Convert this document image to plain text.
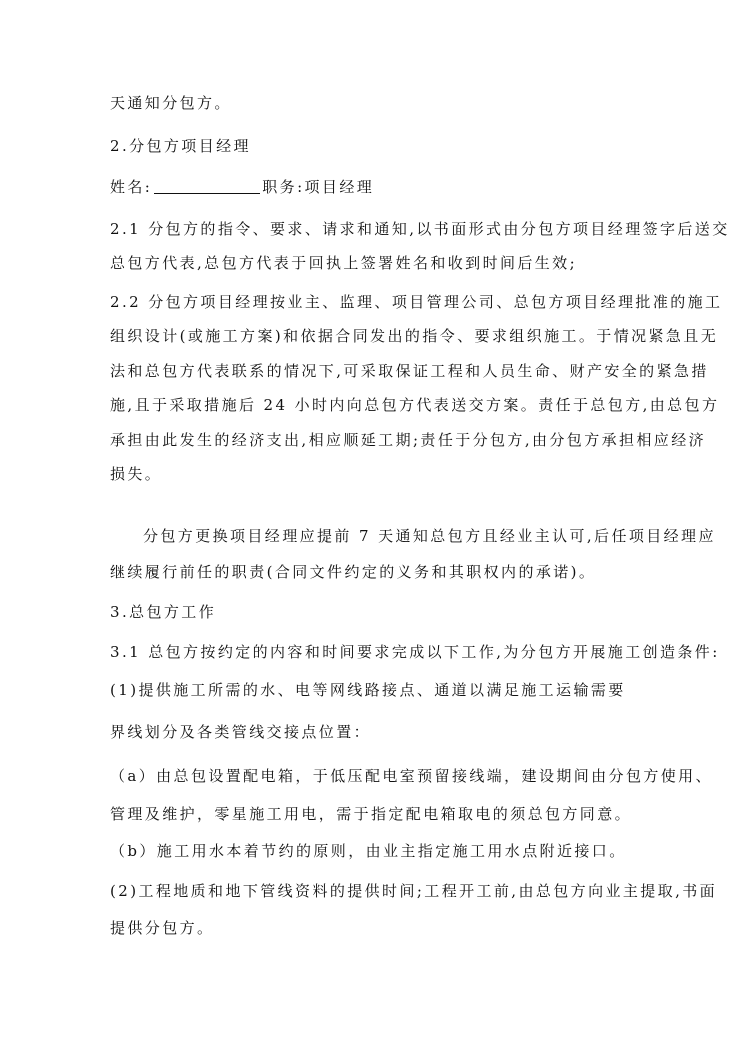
天通知分包方。
2.分包方项目经理
姓名:	职务:项目经理
2.1 分包方的指令、要求、请求和通知,以书面形式由分包方项目经理签字后送交
总包方代表,总包方代表于回执上签署姓名和收到时间后生效;
2.2 分包方项目经理按业主、监理、项目管理公司、总包方项目经理批准的施工
组织设计(或施工方案)和依据合同发出的指令、要求组织施工。于情况紧急且无
法和总包方代表联系的情况下,可采取保证工程和人员生命、财产安全的紧急措
施,且于采取措施后 24 小时内向总包方代表送交方案。责任于总包方,由总包方
承担由此发生的经济支出,相应顺延工期;责任于分包方,由分包方承担相应经济
损失。
分包方更换项目经理应提前 7 天通知总包方且经业主认可,后任项目经理应
继续履行前任的职责(合同文件约定的义务和其职权内的承诺)。
3.总包方工作
3.1 总包方按约定的内容和时间要求完成以下工作,为分包方开展施工创造条件:
(1)提供施工所需的水、电等网线路接点、通道以满足施工运输需要
界线划分及各类管线交接点位置：
（a）由总包设置配电箱，于低压配电室预留接线端，建设期间由分包方使用、
管理及维护，零星施工用电，需于指定配电箱取电的须总包方同意。
（b）施工用水本着节约的原则，由业主指定施工用水点附近接口。
(2)工程地质和地下管线资料的提供时间;工程开工前,由总包方向业主提取,书面
提供分包方。
